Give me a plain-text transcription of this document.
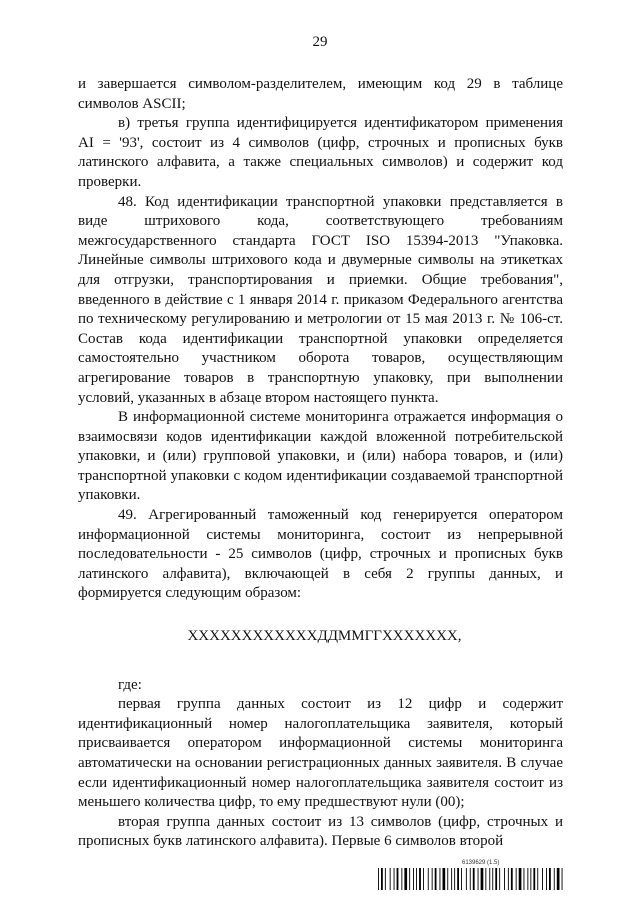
29

и завершается символом-разделителем, имеющим код 29 в таблице символов ASCII;

в) третья группа идентифицируется идентификатором применения AI = '93', состоит из 4 символов (цифр, строчных и прописных букв латинского алфавита, а также специальных символов) и содержит код проверки.

48. Код идентификации транспортной упаковки представляется в виде штрихового кода, соответствующего требованиям межгосударственного стандарта ГОСТ ISO 15394-2013 "Упаковка. Линейные символы штрихового кода и двумерные символы на этикетках для отгрузки, транспортирования и приемки. Общие требования", введенного в действие с 1 января 2014 г. приказом Федерального агентства по техническому регулированию и метрологии от 15 мая 2013 г. № 106-ст. Состав кода идентификации транспортной упаковки определяется самостоятельно участником оборота товаров, осуществляющим агрегирование товаров в транспортную упаковку, при выполнении условий, указанных в абзаце втором настоящего пункта.

В информационной системе мониторинга отражается информация о взаимосвязи кодов идентификации каждой вложенной потребительской упаковки, и (или) групповой упаковки, и (или) набора товаров, и (или) транспортной упаковки с кодом идентификации создаваемой транспортной упаковки.

49. Агрегированный таможенный код генерируется оператором информационной системы мониторинга, состоит из непрерывной последовательности - 25 символов (цифр, строчных и прописных букв латинского алфавита), включающей в себя 2 группы данных, и формируется следующим образом:

ХХХХХХХХХХХХДДММГГХХХХХХХ,

где:

первая группа данных состоит из 12 цифр и содержит идентификационный номер налогоплательщика заявителя, который присваивается оператором информационной системы мониторинга автоматически на основании регистрационных данных заявителя. В случае если идентификационный номер налогоплательщика заявителя состоит из меньшего количества цифр, то ему предшествуют нули (00);

вторая группа данных состоит из 13 символов (цифр, строчных и прописных букв латинского алфавита). Первые 6 символов второй

6139629 (1.5)
